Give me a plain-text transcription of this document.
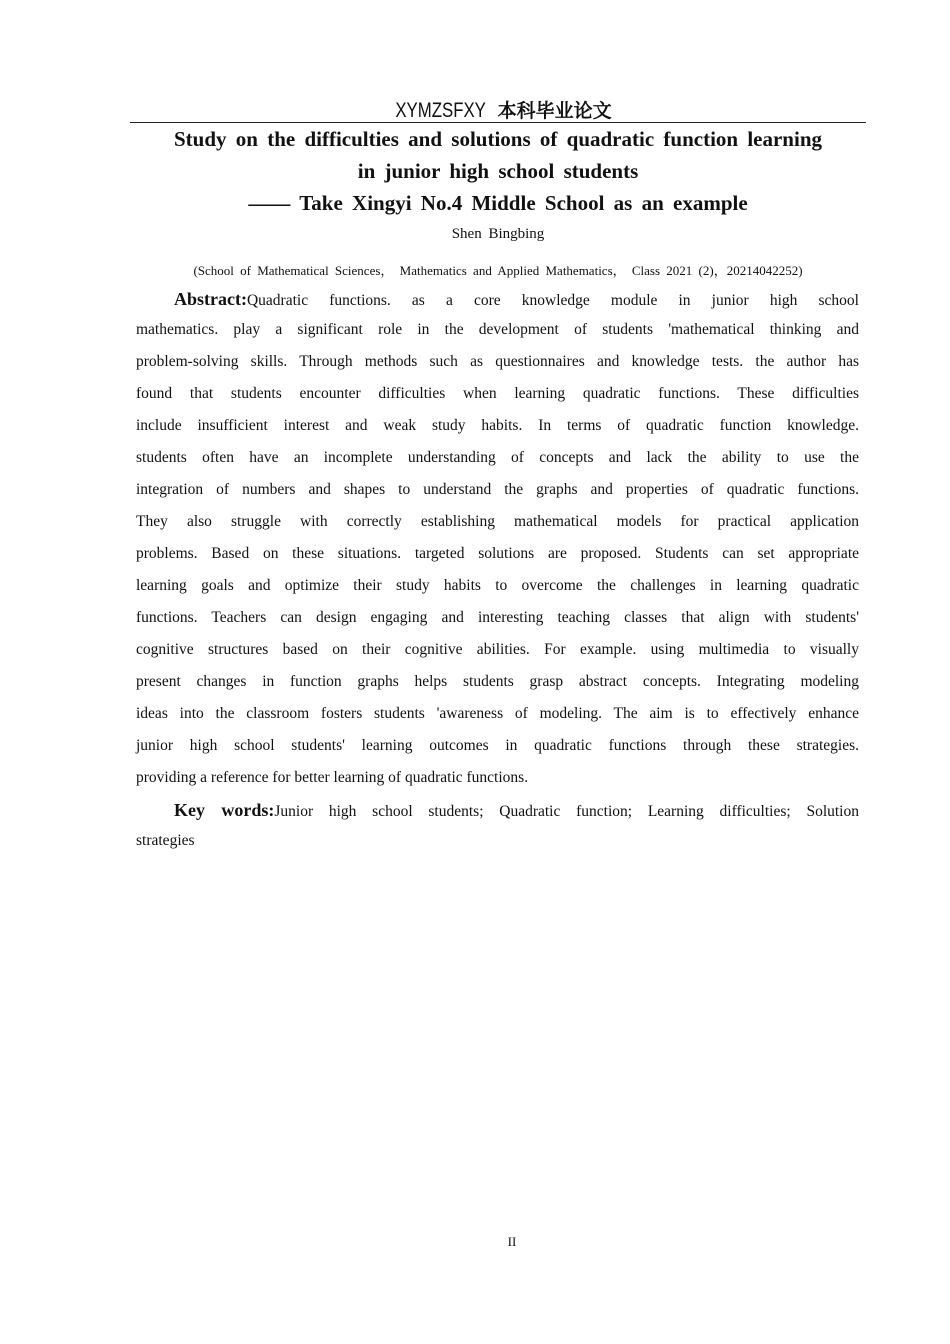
XYMZSFXY 本科毕业论文
Study on the difficulties and solutions of quadratic function learning
in junior high school students
—— Take Xingyi No.4 Middle School as an example
Shen Bingbing
(School of Mathematical Sciences， Mathematics and Applied Mathematics， Class 2021 (2)，20214042252)
Abstract:Quadratic functions. as a core knowledge module in junior high school
mathematics. play a significant role in the development of students 'mathematical thinking and
problem-solving skills. Through methods such as questionnaires and knowledge tests. the author has
found that students encounter difficulties when learning quadratic functions. These difficulties
include insufficient interest and weak study habits. In terms of quadratic function knowledge.
students often have an incomplete understanding of concepts and lack the ability to use the
integration of numbers and shapes to understand the graphs and properties of quadratic functions.
They also struggle with correctly establishing mathematical models for practical application
problems. Based on these situations. targeted solutions are proposed. Students can set appropriate
learning goals and optimize their study habits to overcome the challenges in learning quadratic
functions. Teachers can design engaging and interesting teaching classes that align with students'
cognitive structures based on their cognitive abilities. For example. using multimedia to visually
present changes in function graphs helps students grasp abstract concepts. Integrating modeling
ideas into the classroom fosters students 'awareness of modeling. The aim is to effectively enhance
junior high school students' learning outcomes in quadratic functions through these strategies.
providing a reference for better learning of quadratic functions.
Key words:Junior high school students; Quadratic function; Learning difficulties; Solution
strategies
II
